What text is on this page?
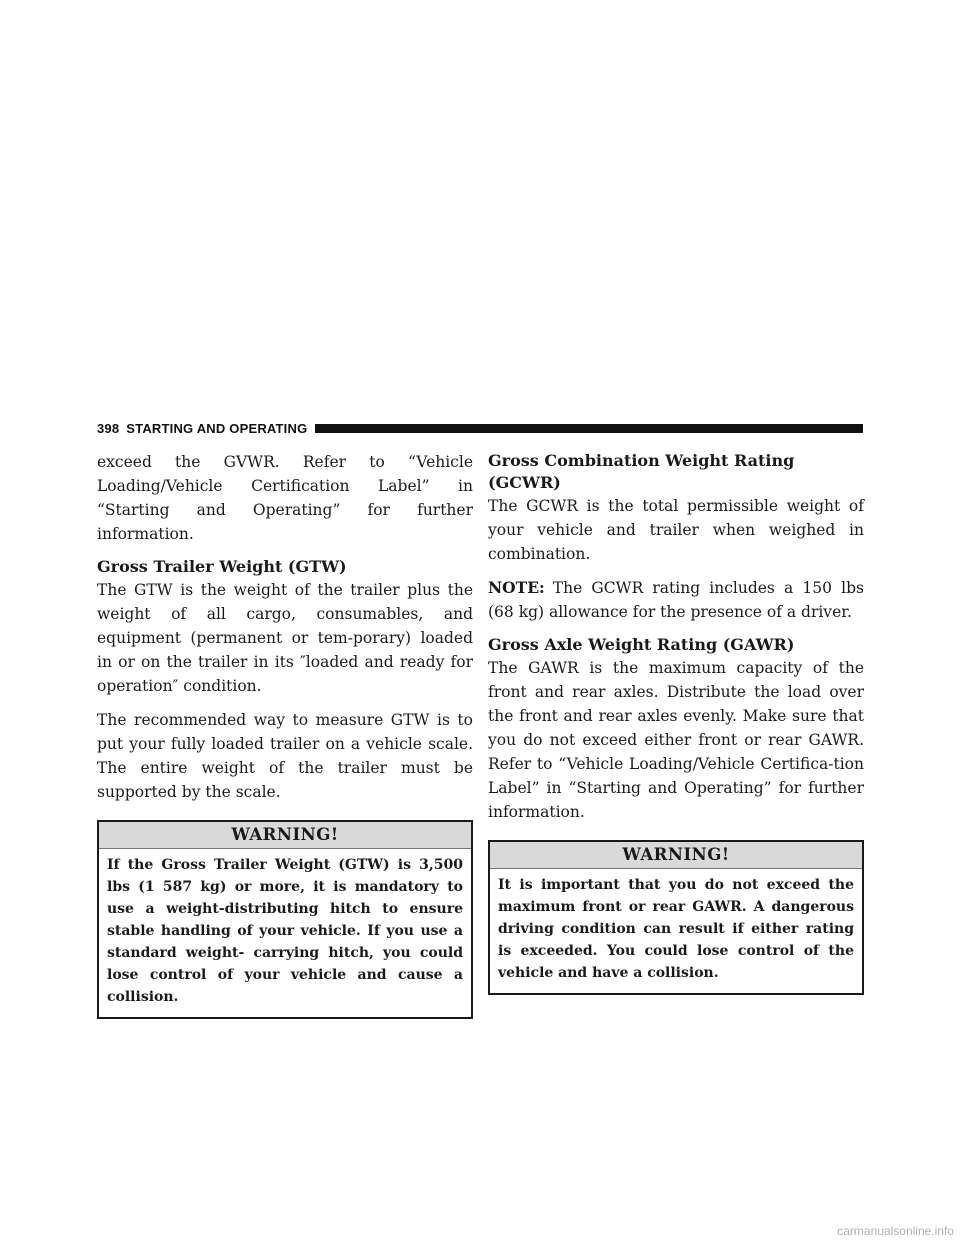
398 STARTING AND OPERATING

exceed the GVWR. Refer to “Vehicle Loading/Vehicle Certification Label” in “Starting and Operating” for further information.

Gross Trailer Weight (GTW)

The GTW is the weight of the trailer plus the weight of all cargo, consumables, and equipment (permanent or tem-porary) loaded in or on the trailer in its ″loaded and ready for operation″ condition.

The recommended way to measure GTW is to put your fully loaded trailer on a vehicle scale. The entire weight of the trailer must be supported by the scale.

WARNING!
If the Gross Trailer Weight (GTW) is 3,500 lbs (1 587 kg) or more, it is mandatory to use a weight-distributing hitch to ensure stable handling of your vehicle. If you use a standard weight- carrying hitch, you could lose control of your vehicle and cause a collision.
Gross Combination Weight Rating (GCWR)

The GCWR is the total permissible weight of your vehicle and trailer when weighed in combination.

NOTE: The GCWR rating includes a 150 lbs (68 kg) allowance for the presence of a driver.

Gross Axle Weight Rating (GAWR)

The GAWR is the maximum capacity of the front and rear axles. Distribute the load over the front and rear axles evenly. Make sure that you do not exceed either front or rear GAWR. Refer to “Vehicle Loading/Vehicle Certifica-tion Label” in “Starting and Operating” for further information.

WARNING!
It is important that you do not exceed the maximum front or rear GAWR. A dangerous driving condition can result if either rating is exceeded. You could lose control of the vehicle and have a collision.
carmanualsonline.info
